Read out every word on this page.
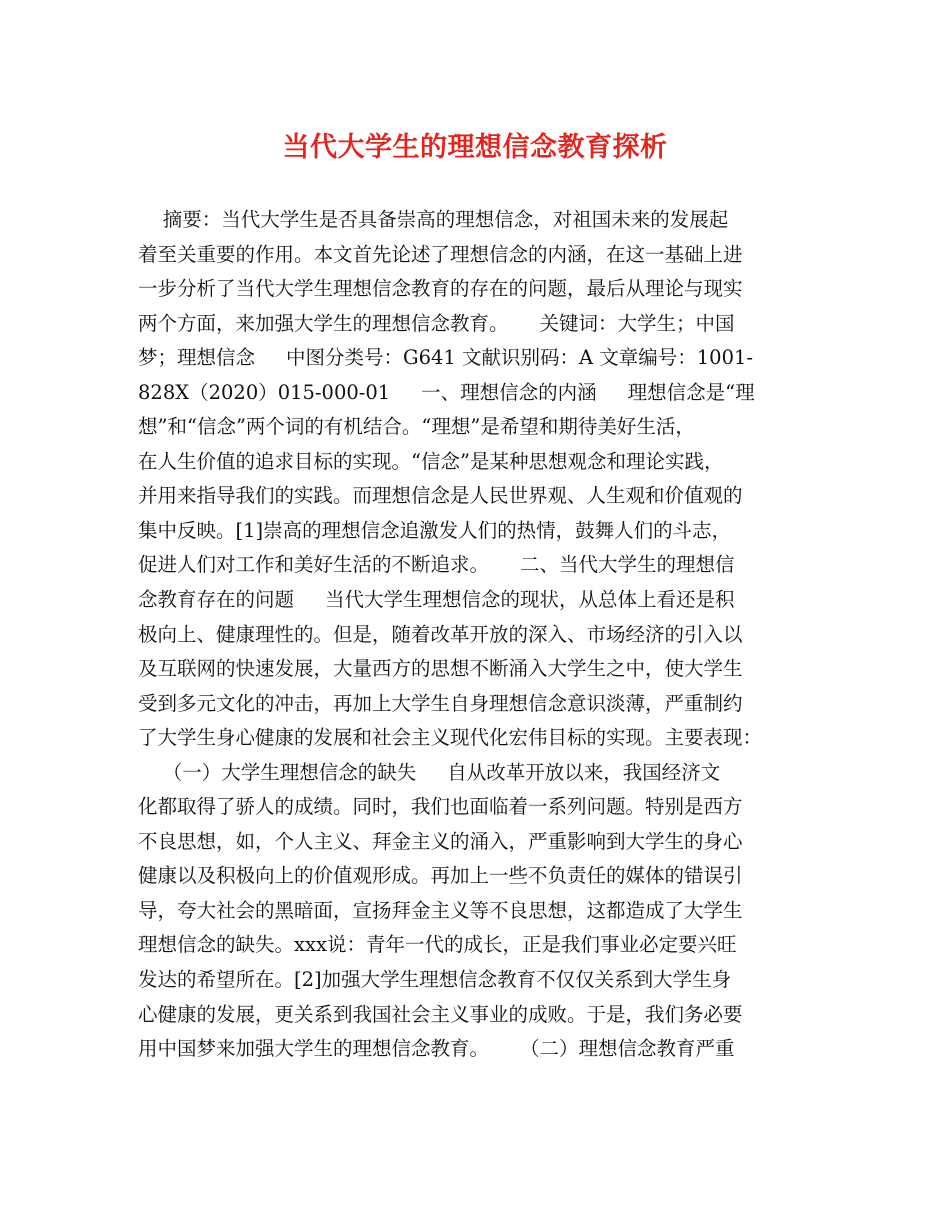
当代大学生的理想信念教育探析
摘要：当代大学生是否具备崇高的理想信念，对祖国未来的发展起
着至关重要的作用。本文首先论述了理想信念的内涵，在这一基础上进
一步分析了当代大学生理想信念教育的存在的问题，最后从理论与现实
两个方面，来加强大学生的理想信念教育。     关键词：大学生；中国
梦；理想信念     中图分类号：G641 文献识别码：A 文章编号：1001-
828X（2020）015-000-01     一、理想信念的内涵     理想信念是“理
想”和“信念”两个词的有机结合。“理想”是希望和期待美好生活，
在人生价值的追求目标的实现。“信念”是某种思想观念和理论实践，
并用来指导我们的实践。而理想信念是人民世界观、人生观和价值观的
集中反映。[1]崇高的理想信念追激发人们的热情，鼓舞人们的斗志，
促进人们对工作和美好生活的不断追求。     二、当代大学生的理想信
念教育存在的问题     当代大学生理想信念的现状，从总体上看还是积
极向上、健康理性的。但是，随着改革开放的深入、市场经济的引入以
及互联网的快速发展，大量西方的思想不断涌入大学生之中，使大学生
受到多元文化的冲击，再加上大学生自身理想信念意识淡薄，严重制约
了大学生身心健康的发展和社会主义现代化宏伟目标的实现。主要表现：
（一）大学生理想信念的缺失     自从改革开放以来，我国经济文
化都取得了骄人的成绩。同时，我们也面临着一系列问题。特别是西方
不良思想，如，个人主义、拜金主义的涌入，严重影响到大学生的身心
健康以及积极向上的价值观形成。再加上一些不负责任的媒体的错误引
导，夸大社会的黑暗面，宣扬拜金主义等不良思想，这都造成了大学生
理想信念的缺失。xxx说：青年一代的成长，正是我们事业必定要兴旺
发达的希望所在。[2]加强大学生理想信念教育不仅仅关系到大学生身
心健康的发展，更关系到我国社会主义事业的成败。于是，我们务必要
用中国梦来加强大学生的理想信念教育。     （二）理想信念教育严重
